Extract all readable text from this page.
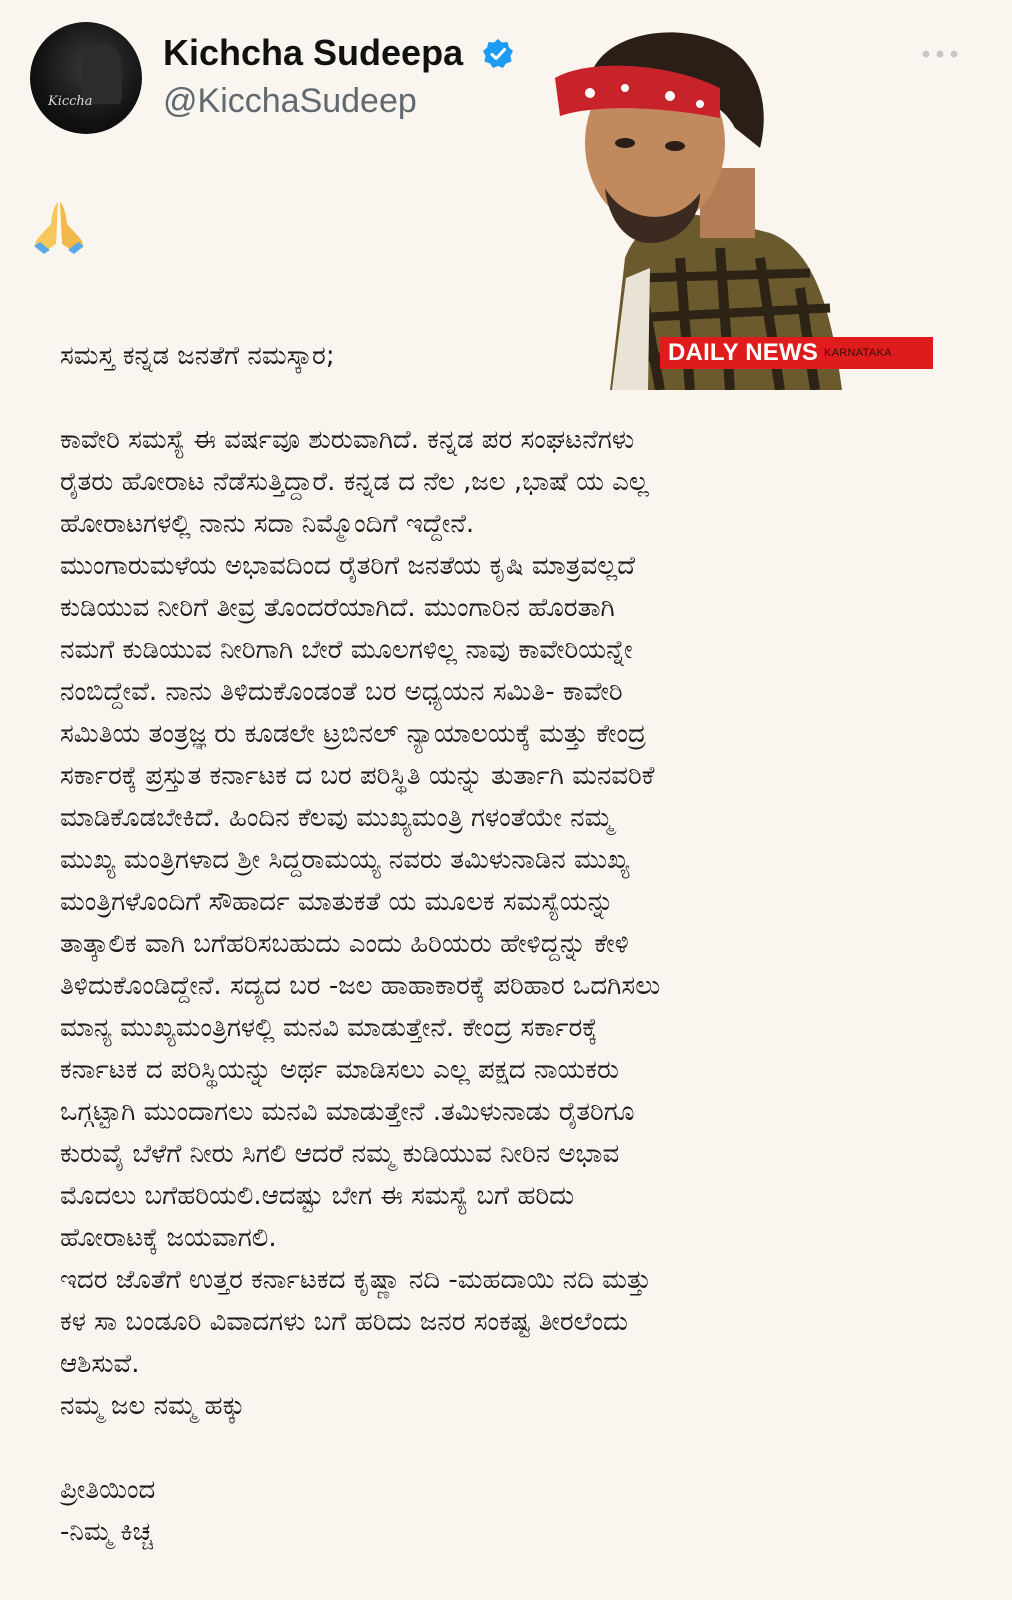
Kiccha
Kichcha Sudeepa
@KicchaSudeep
DAILY NEWS KARNATAKA
ಸಮಸ್ತ ಕನ್ನಡ ಜನತೆಗೆ ನಮಸ್ಕಾರ;
ಕಾವೇರಿ ಸಮಸ್ಯೆ ಈ ವರ್ಷವೂ ಶುರುವಾಗಿದೆ. ಕನ್ನಡ ಪರ ಸಂಘಟನೆಗಳು
ರೈತರು ಹೋರಾಟ ನೆಡೆಸುತ್ತಿದ್ದಾರೆ. ಕನ್ನಡ ದ ನೆಲ ,ಜಲ ,ಭಾಷೆ ಯ ಎಲ್ಲ
ಹೋರಾಟಗಳಲ್ಲಿ ನಾನು ಸದಾ ನಿಮ್ಮೊಂದಿಗೆ ಇದ್ದೇನೆ.
ಮುಂಗಾರುಮಳೆಯ ಅಭಾವದಿಂದ ರೈತರಿಗೆ ಜನತೆಯ ಕೃಷಿ ಮಾತ್ರವಲ್ಲದೆ
ಕುಡಿಯುವ ನೀರಿಗೆ ತೀವ್ರ ತೊಂದರೆಯಾಗಿದೆ. ಮುಂಗಾರಿನ ಹೊರತಾಗಿ
ನಮಗೆ ಕುಡಿಯುವ ನೀರಿಗಾಗಿ ಬೇರೆ ಮೂಲಗಳಿಲ್ಲ ನಾವು ಕಾವೇರಿಯನ್ನೇ
ನಂಬಿದ್ದೇವೆ. ನಾನು ತಿಳಿದುಕೊಂಡಂತೆ ಬರ ಅಧ್ಯಯನ ಸಮಿತಿ- ಕಾವೇರಿ
ಸಮಿತಿಯ ತಂತ್ರಜ್ಞ ರು ಕೂಡಲೇ ಟ್ರಬಿನಲ್ ನ್ಯಾಯಾಲಯಕ್ಕೆ ಮತ್ತು ಕೇಂದ್ರ
ಸರ್ಕಾರಕ್ಕೆ ಪ್ರಸ್ತುತ ಕರ್ನಾಟಕ ದ ಬರ ಪರಿಸ್ಥಿತಿ ಯನ್ನು ತುರ್ತಾಗಿ ಮನವರಿಕೆ
ಮಾಡಿಕೊಡಬೇಕಿದೆ. ಹಿಂದಿನ ಕೆಲವು ಮುಖ್ಯಮಂತ್ರಿ ಗಳಂತೆಯೇ ನಮ್ಮ
ಮುಖ್ಯ ಮಂತ್ರಿಗಳಾದ ಶ್ರೀ ಸಿದ್ದರಾಮಯ್ಯ ನವರು ತಮಿಳುನಾಡಿನ ಮುಖ್ಯ
ಮಂತ್ರಿಗಳೊಂದಿಗೆ ಸೌಹಾರ್ದ ಮಾತುಕತೆ ಯ ಮೂಲಕ ಸಮಸ್ಯೆಯನ್ನು
ತಾತ್ಕಾಲಿಕ ವಾಗಿ ಬಗೆಹರಿಸಬಹುದು ಎಂದು ಹಿರಿಯರು ಹೇಳಿದ್ದನ್ನು ಕೇಳಿ
ತಿಳಿದುಕೊಂಡಿದ್ದೇನೆ. ಸದ್ಯದ ಬರ -ಜಲ ಹಾಹಾಕಾರಕ್ಕೆ ಪರಿಹಾರ ಒದಗಿಸಲು
ಮಾನ್ಯ ಮುಖ್ಯಮಂತ್ರಿಗಳಲ್ಲಿ ಮನವಿ ಮಾಡುತ್ತೇನೆ. ಕೇಂದ್ರ ಸರ್ಕಾರಕ್ಕೆ
ಕರ್ನಾಟಕ ದ ಪರಿಸ್ಥಿಯನ್ನು ಅರ್ಥ ಮಾಡಿಸಲು ಎಲ್ಲ ಪಕ್ಷದ ನಾಯಕರು
ಒಗ್ಗಟ್ಟಾಗಿ ಮುಂದಾಗಲು ಮನವಿ ಮಾಡುತ್ತೇನೆ .ತಮಿಳುನಾಡು ರೈತರಿಗೂ
ಕುರುವೈ ಬೆಳೆಗೆ ನೀರು ಸಿಗಲಿ ಆದರೆ ನಮ್ಮ ಕುಡಿಯುವ ನೀರಿನ ಅಭಾವ
ಮೊದಲು ಬಗೆಹರಿಯಲಿ.ಆದಷ್ಟು ಬೇಗ ಈ ಸಮಸ್ಯೆ ಬಗೆ ಹರಿದು
ಹೋರಾಟಕ್ಕೆ ಜಯವಾಗಲಿ.
ಇದರ ಜೊತೆಗೆ ಉತ್ತರ ಕರ್ನಾಟಕದ ಕೃಷ್ಣಾ ನದಿ -ಮಹದಾಯಿ ನದಿ ಮತ್ತು
ಕಳ ಸಾ ಬಂಡೂರಿ ವಿವಾದಗಳು ಬಗೆ ಹರಿದು ಜನರ ಸಂಕಷ್ಟ ತೀರಲೆಂದು
ಆಶಿಸುವೆ.
ನಮ್ಮ ಜಲ ನಮ್ಮ ಹಕ್ಕು
ಪ್ರೀತಿಯಿಂದ
-ನಿಮ್ಮ ಕಿಚ್ಚ
